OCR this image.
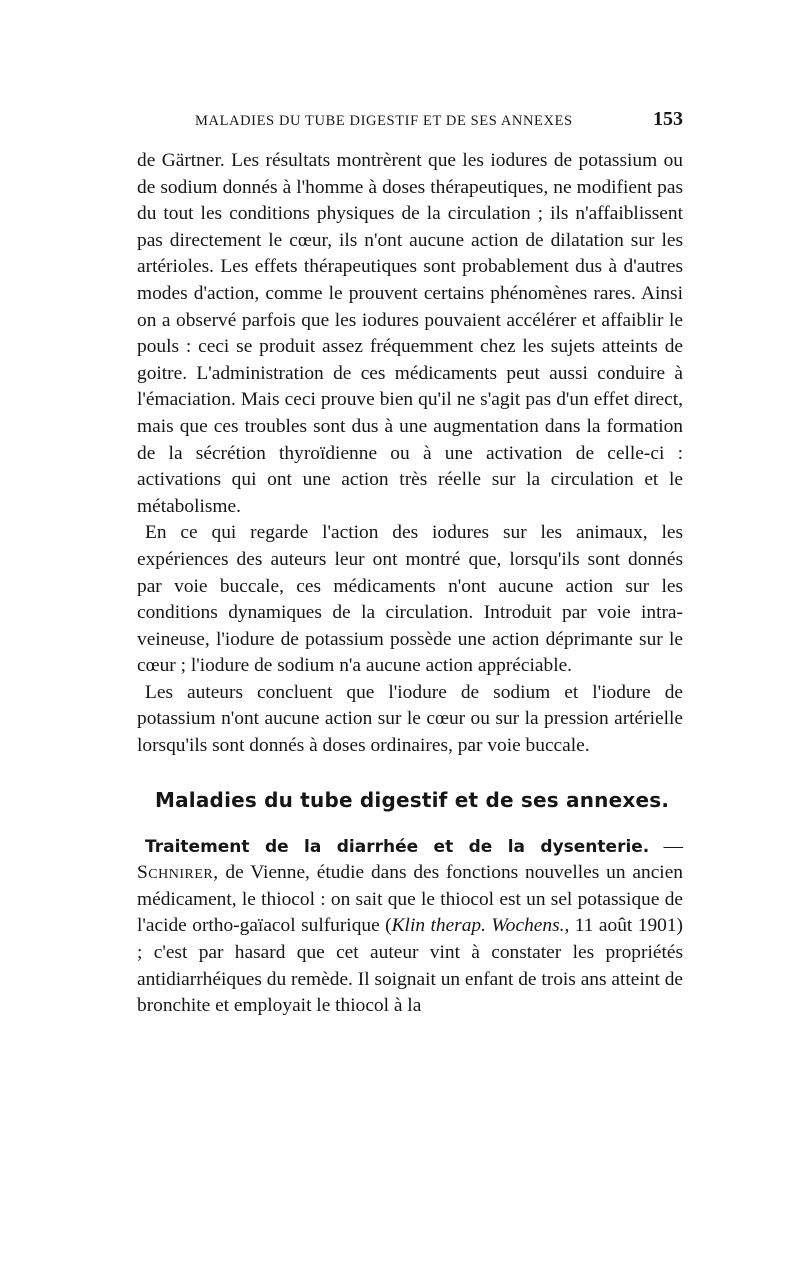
MALADIES DU TUBE DIGESTIF ET DE SES ANNEXES	153

de Gärtner. Les résultats montrèrent que les iodures de potassium ou de sodium donnés à l'homme à doses thérapeutiques, ne modifient pas du tout les conditions physiques de la circulation ; ils n'affaiblissent pas directement le cœur, ils n'ont aucune action de dilatation sur les artérioles. Les effets thérapeutiques sont probablement dus à d'autres modes d'action, comme le prouvent certains phénomènes rares. Ainsi on a observé parfois que les iodures pouvaient accélérer et affaiblir le pouls : ceci se produit assez fréquemment chez les sujets atteints de goitre. L'administration de ces médicaments peut aussi conduire à l'émaciation. Mais ceci prouve bien qu'il ne s'agit pas d'un effet direct, mais que ces troubles sont dus à une augmentation dans la formation de la sécrétion thyroïdienne ou à une activation de celle-ci : activations qui ont une action très réelle sur la circulation et le métabolisme.

En ce qui regarde l'action des iodures sur les animaux, les expériences des auteurs leur ont montré que, lorsqu'ils sont donnés par voie buccale, ces médicaments n'ont aucune action sur les conditions dynamiques de la circulation. Introduit par voie intra-veineuse, l'iodure de potassium possède une action déprimante sur le cœur ; l'iodure de sodium n'a aucune action appréciable.

Les auteurs concluent que l'iodure de sodium et l'iodure de potassium n'ont aucune action sur le cœur ou sur la pression artérielle lorsqu'ils sont donnés à doses ordinaires, par voie buccale.

Maladies du tube digestif et de ses annexes.

Traitement de la diarrhée et de la dysenterie. — Schnirer, de Vienne, étudie dans des fonctions nouvelles un ancien médicament, le thiocol : on sait que le thiocol est un sel potassique de l'acide ortho-gaïacol sulfurique (Klin therap. Wochens., 11 août 1901) ; c'est par hasard que cet auteur vint à constater les propriétés antidiarrhéiques du remède. Il soignait un enfant de trois ans atteint de bronchite et employait le thiocol à la
